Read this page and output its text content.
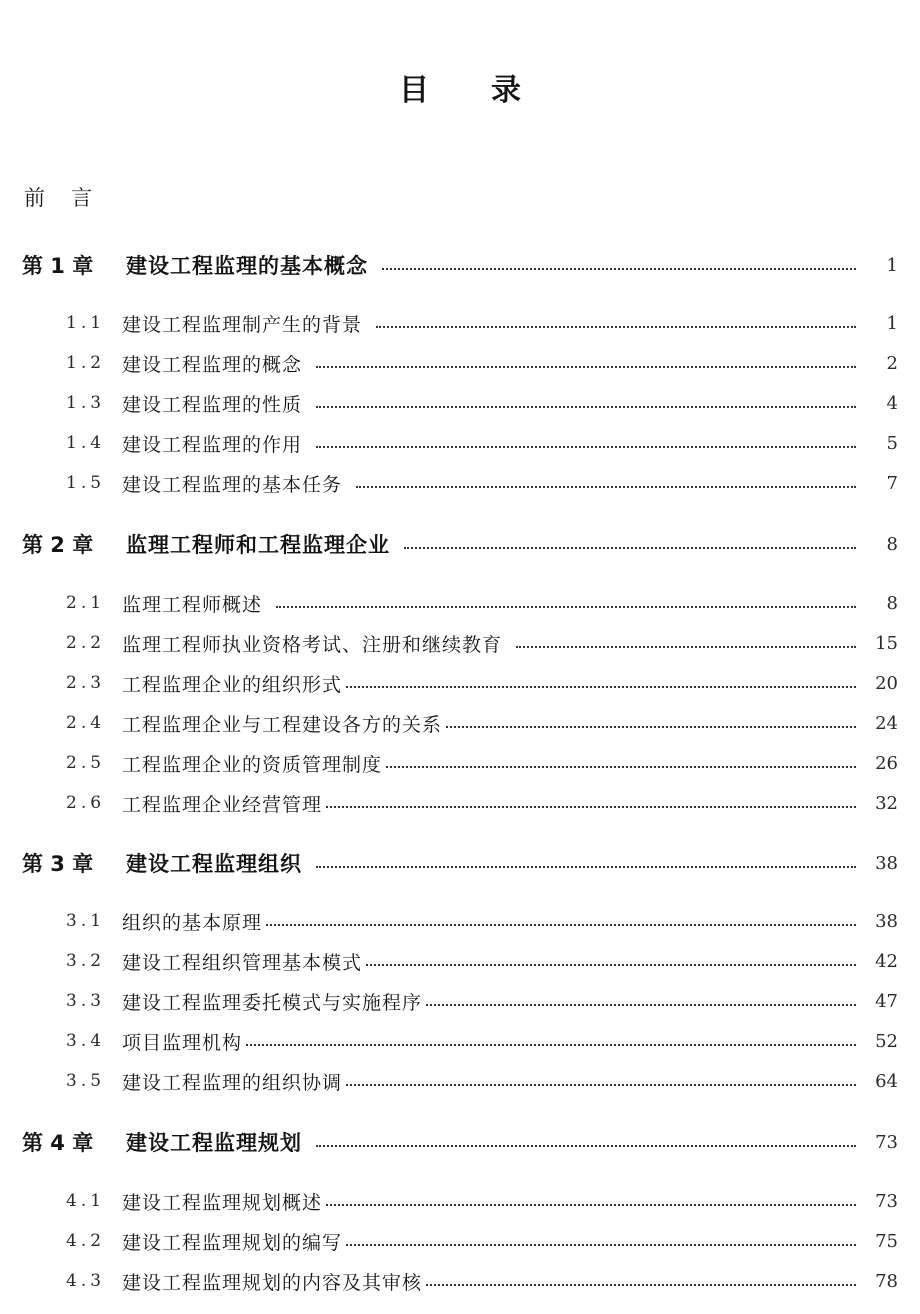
目录
前言
第 1 章	建设工程监理的基本概念	1
1.1 建设工程监理制产生的背景	1
1.2 建设工程监理的概念	2
1.3 建设工程监理的性质	4
1.4 建设工程监理的作用	5
1.5 建设工程监理的基本任务	7
第 2 章	监理工程师和工程监理企业	8
2.1 监理工程师概述	8
2.2 监理工程师执业资格考试、注册和继续教育	15
2.3 工程监理企业的组织形式	20
2.4 工程监理企业与工程建设各方的关系	24
2.5 工程监理企业的资质管理制度	26
2.6 工程监理企业经营管理	32
第 3 章	建设工程监理组织	38
3.1 组织的基本原理	38
3.2 建设工程组织管理基本模式	42
3.3 建设工程监理委托模式与实施程序	47
3.4 项目监理机构	52
3.5 建设工程监理的组织协调	64
第 4 章	建设工程监理规划	73
4.1 建设工程监理规划概述	73
4.2 建设工程监理规划的编写	75
4.3 建设工程监理规划的内容及其审核	78
